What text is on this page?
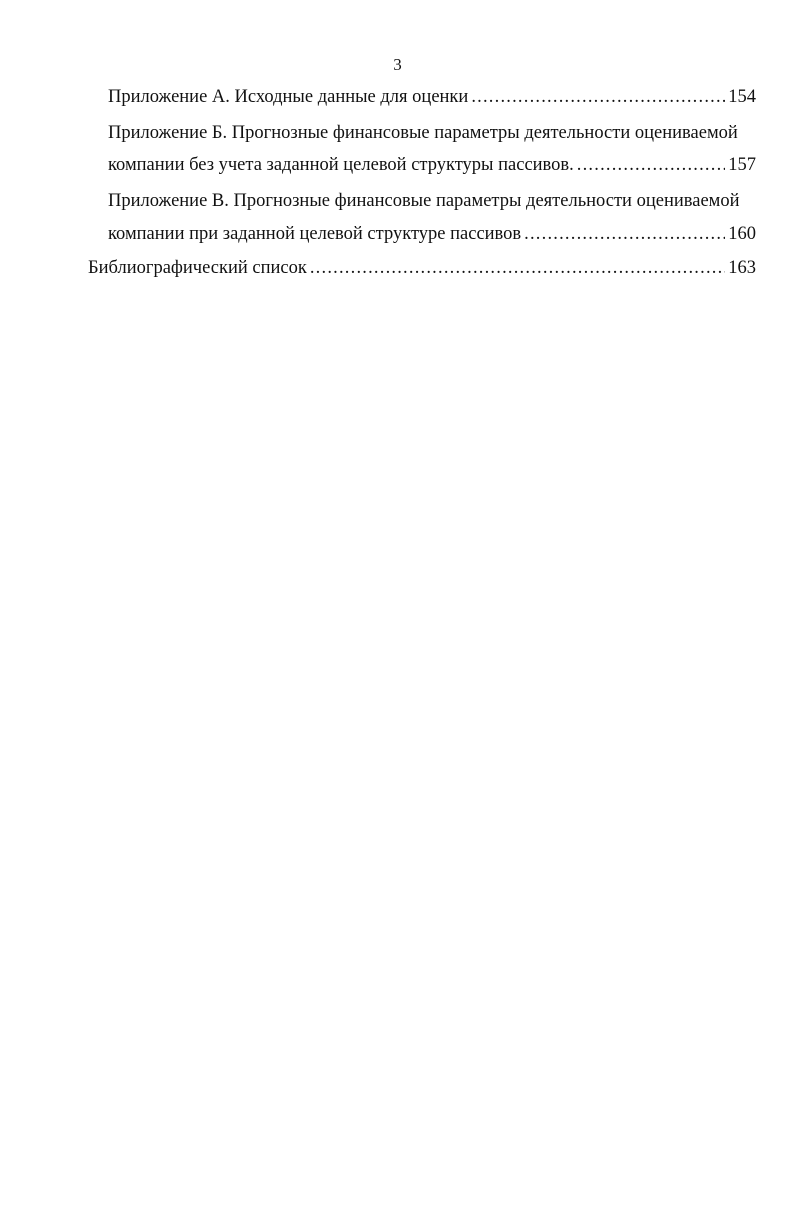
3
Приложение А. Исходные данные для оценки .....	154
Приложение Б. Прогнозные финансовые параметры деятельности оцениваемой
компании без учета заданной целевой структуры пассивов. .....	157
Приложение В. Прогнозные финансовые параметры деятельности оцениваемой
компании при заданной целевой структуре пассивов .....	160
Библиографический список .....	163
